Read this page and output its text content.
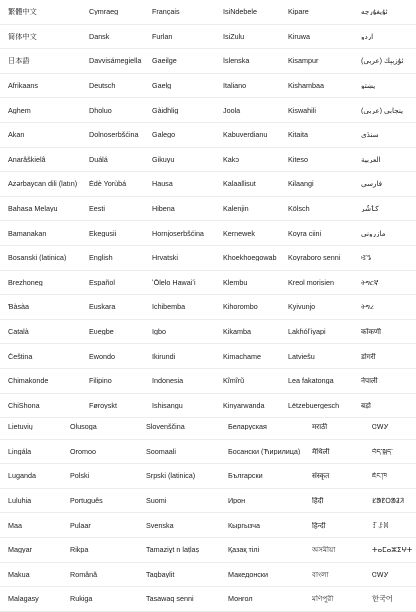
繁體中文	Cymraeg	Français	IsiNdebele	Kipare	ئۇيغۇرچە
简体中文	Dansk	Furlan	IsiZulu	Kiruwa	اردو
日本語	Davvisámegiella	Gaeilge	Íslenska	Kisampur	(ئۇزبېك (عربی
Afrikaans	Deutsch	Gaelg	Italiano	Kishambaa	پښتو
Aghem	Dholuo	Gàidhlig	Joola	Kiswahili	(پنجابی (عربی
Akan	Dolnoserbšćina	Galego	Kabuverdianu	Kitaita	سنڌي
Anarâškielâ	Duálá	Gikuyu	Kakɔ	Kiteso	العربية
Azərbaycan dili (latın)	Èdè Yorùbá	Hausa	Kalaallisut	Kɨlaangi	فارسی
Bahasa Melayu	Eesti	Hibena	Kalenjin	Kölsch	کٲشُر
Bamanakan	Ekegusii	Hornjoserbšćina	Kernewek	Koyra ciini	مازرونی
Bosanski (latinica)	English	Hrvatski	Khoekhoegowab	Koyraboro senni	ꕙꔤ
Brezhoneg	Español	ʻŌlelo Hawaiʻi	Klembu	Kreol morisien	ትግርኛ
Ɓàsàa	Euskara	Ichibemba	Kihorombo	Kyivunjo	ትግረ
Català	Eʋegbe	Igbo	Kikamba	Lakȟólʼiyapi	कोंकणी
Čeština	Ewondo	Ikirundi	Kimachame	Latviešu	डोगरी
Chimakonde	Filipino	Indonesia	Kĩmĩrũ	Lea fakatonga	नेपाली
ChiShona	Føroyskt	Ishisangu	Kinyarwanda	Lëtzebuergesch	बड़ो
Lietuvių	Olusoga	Slovenščina	Беларуская	मराठी	ᏣᎳᎩ
Lingála	Oromoo	Soomaali	Босански (Ћирилица)	मैथिली	བོད་སྐད་
Luganda	Polski	Srpski (latinica)	Български	संस्कृत	ཇོང་ཁ
Luluhia	Português	Suomi	Ирон	हिंदी	ᱥᱟᱱᱛᱟᱲᱤ
Maa	Pulaar	Svenska	Кыргызча	हिन्दी	ꆈꌠꉙ
Magyar	Rikpa	Tamaziɣt n laṭlaṣ	Қазақ тілі	অসমীয়া	ⵜⴰⵎⴰⵣⵉⵖⵜ
Makua	Română	Taqbaylit	Македонски	বাংলা	ᏣᎳᎩ
Malagasy	Rukiga	Tasawaq senni	Монгол	মণিপুরী	한국어
